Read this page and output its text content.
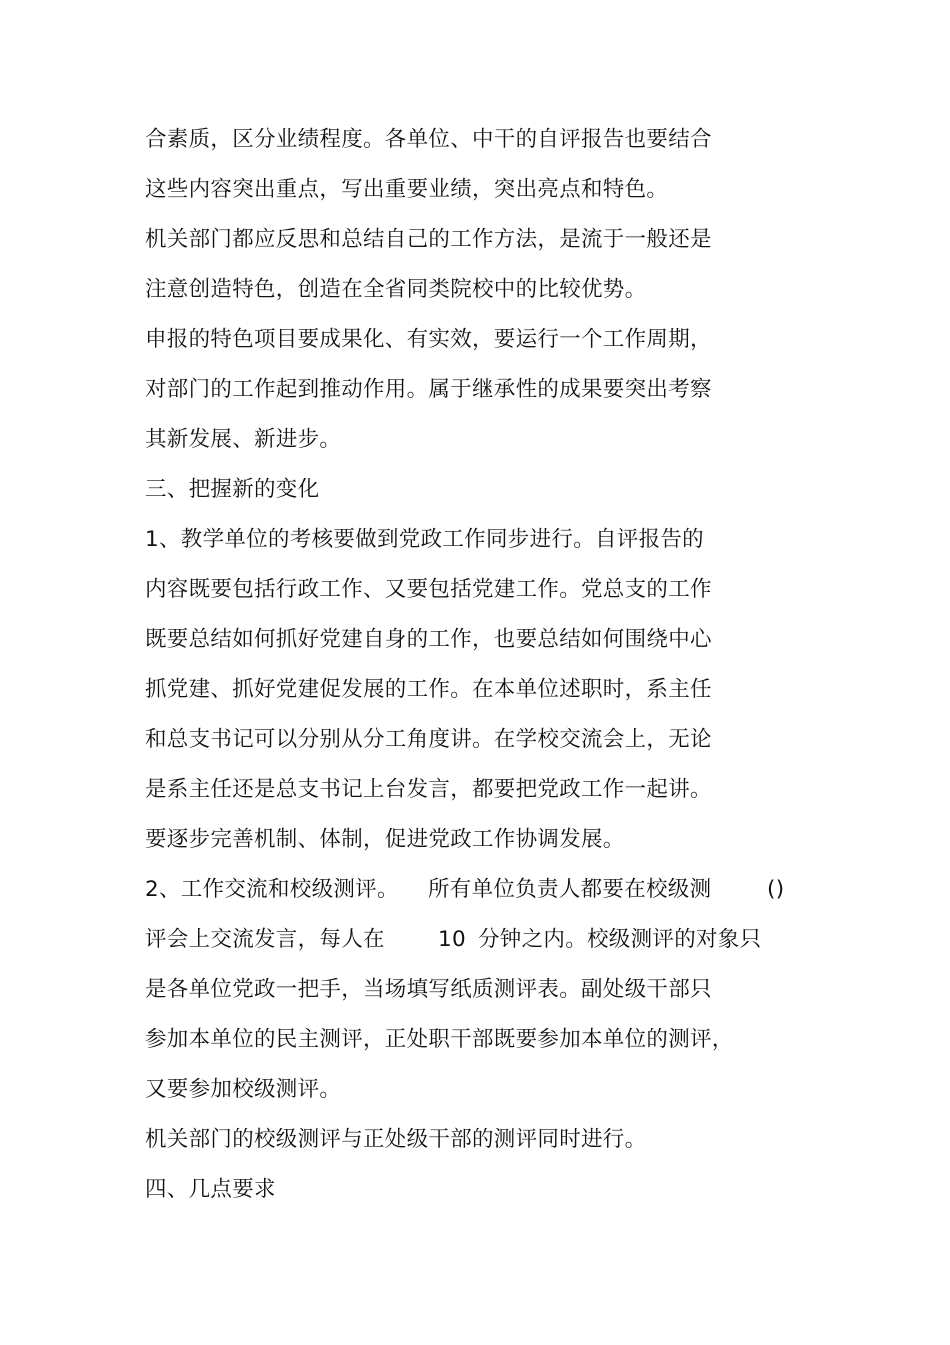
合素质，区分业绩程度。各单位、中干的自评报告也要结合
这些内容突出重点，写出重要业绩，突出亮点和特色。
机关部门都应反思和总结自己的工作方法，是流于一般还是
注意创造特色，创造在全省同类院校中的比较优势。
申报的特色项目要成果化、有实效，要运行一个工作周期，
对部门的工作起到推动作用。属于继承性的成果要突出考察
其新发展、新进步。
三、把握新的变化
1、教学单位的考核要做到党政工作同步进行。自评报告的
内容既要包括行政工作、又要包括党建工作。党总支的工作
既要总结如何抓好党建自身的工作，也要总结如何围绕中心
抓党建、抓好党建促发展的工作。在本单位述职时，系主任
和总支书记可以分别从分工角度讲。在学校交流会上，无论
是系主任还是总支书记上台发言，都要把党政工作一起讲。
要逐步完善机制、体制，促进党政工作协调发展。
2、工作交流和校级测评。 所有单位负责人都要在校级测	()
评会上交流发言，每人在 10 分钟之内。校级测评的对象只
是各单位党政一把手，当场填写纸质测评表。副处级干部只
参加本单位的民主测评，正处职干部既要参加本单位的测评，
又要参加校级测评。
机关部门的校级测评与正处级干部的测评同时进行。
四、几点要求
